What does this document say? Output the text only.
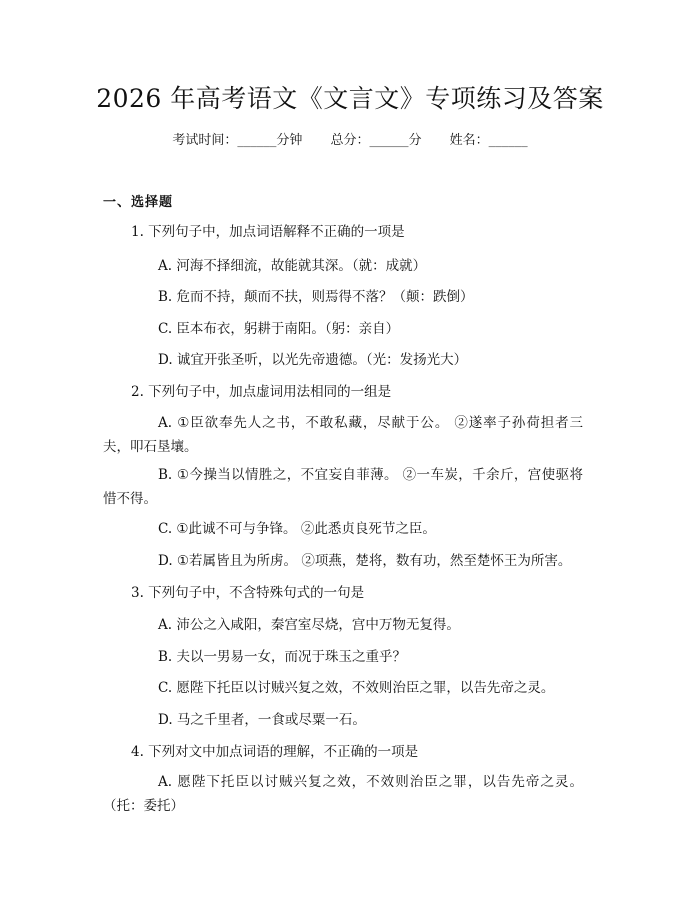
2026 年高考语文《文言文》专项练习及答案
考试时间：______分钟 总分：______分 姓名：______
一、选择题
1. 下列句子中，加点词语解释不正确的一项是
A. 河海不择细流，故能就其深。（就：成就）
B. 危而不持，颠而不扶，则焉得不落？（颠：跌倒）
C. 臣本布衣，躬耕于南阳。（躬：亲自）
D. 诚宜开张圣听，以光先帝遗德。（光：发扬光大）
2. 下列句子中，加点虚词用法相同的一组是
A. ①臣欲奉先人之书，不敢私藏，尽献于公。 ②遂率子孙荷担者三夫，叩石垦壤。
B. ①今操当以情胜之，不宜妄自菲薄。 ②一车炭，千余斤，宫使驱将惜不得。
C. ①此诚不可与争锋。 ②此悉贞良死节之臣。
D. ①若属皆且为所虏。 ②项燕，楚将，数有功，然至楚怀王为所害。
3. 下列句子中，不含特殊句式的一句是
A. 沛公之入咸阳，秦宫室尽烧，宫中万物无复得。
B. 夫以一男易一女，而况于珠玉之重乎？
C. 愿陛下托臣以讨贼兴复之效，不效则治臣之罪，以告先帝之灵。
D. 马之千里者，一食或尽粟一石。
4. 下列对文中加点词语的理解，不正确的一项是
A. 愿陛下托臣以讨贼兴复之效，不效则治臣之罪，以告先帝之灵。（托：委托）
